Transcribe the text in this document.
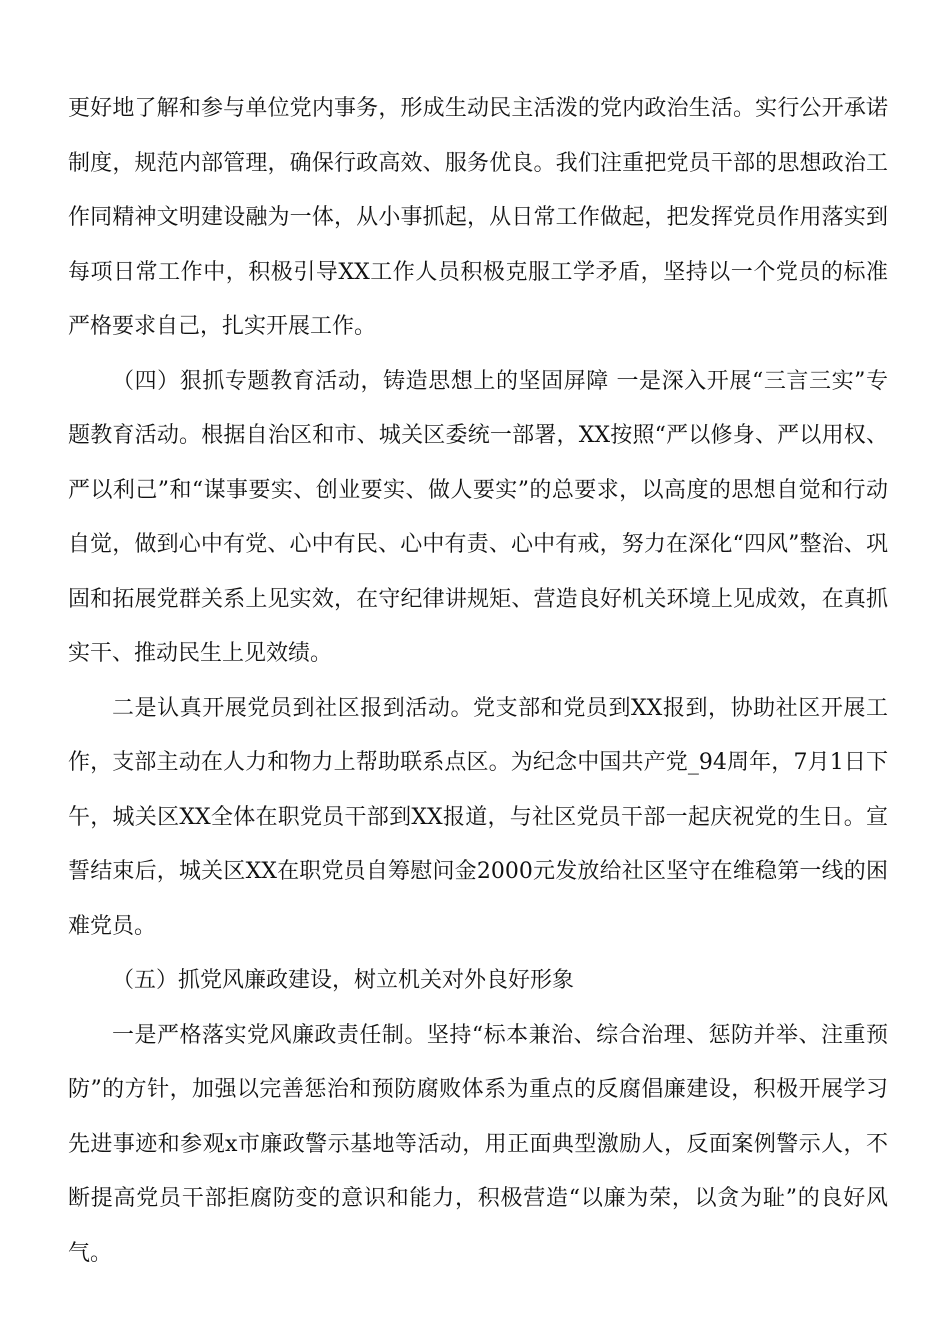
更好地了解和参与单位党内事务，形成生动民主活泼的党内政治生活。实行公开承诺制度，规范内部管理，确保行政高效、服务优良。我们注重把党员干部的思想政治工作同精神文明建设融为一体，从小事抓起，从日常工作做起，把发挥党员作用落实到每项日常工作中，积极引导XX工作人员积极克服工学矛盾，坚持以一个党员的标准严格要求自己，扎实开展工作。

（四）狠抓专题教育活动，铸造思想上的坚固屏障 一是深入开展“三言三实”专题教育活动。根据自治区和市、城关区委统一部署，XX按照“严以修身、严以用权、严以利己”和“谋事要实、创业要实、做人要实”的总要求，以高度的思想自觉和行动自觉，做到心中有党、心中有民、心中有责、心中有戒，努力在深化“四风”整治、巩固和拓展党群关系上见实效，在守纪律讲规矩、营造良好机关环境上见成效，在真抓实干、推动民生上见效绩。

二是认真开展党员到社区报到活动。党支部和党员到XX报到，协助社区开展工作，支部主动在人力和物力上帮助联系点区。为纪念中国共产党_94周年，7月1日下午，城关区XX全体在职党员干部到XX报道，与社区党员干部一起庆祝党的生日。宣誓结束后，城关区XX在职党员自筹慰问金2000元发放给社区坚守在维稳第一线的困难党员。

（五）抓党风廉政建设，树立机关对外良好形象

一是严格落实党风廉政责任制。坚持“标本兼治、综合治理、惩防并举、注重预防”的方针，加强以完善惩治和预防腐败体系为重点的反腐倡廉建设，积极开展学习先进事迹和参观x市廉政警示基地等活动，用正面典型激励人，反面案例警示人，不断提高党员干部拒腐防变的意识和能力，积极营造“以廉为荣，以贪为耻”的良好风气。
